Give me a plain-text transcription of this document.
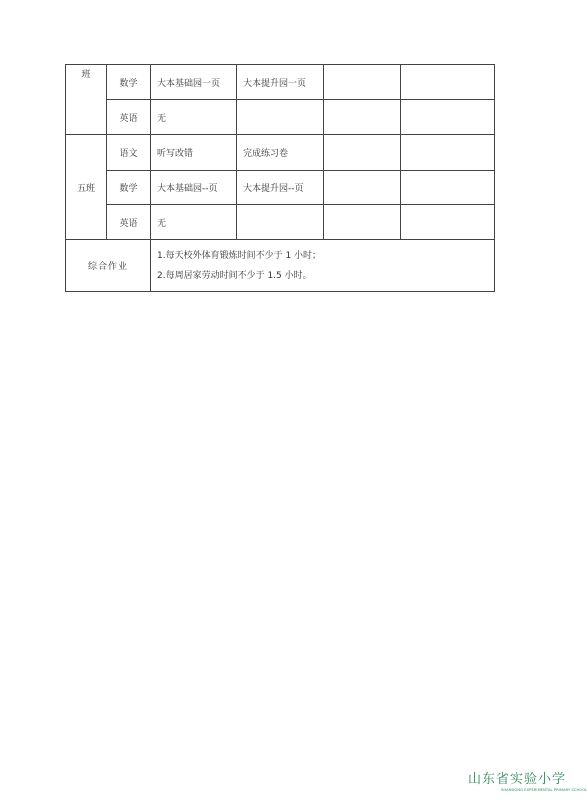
班	数学	大本基础园一页	大本提升园一页		
	英语	无			
五班	语文	听写改错	完成练习卷		
	数学	大本基础园--页	大本提升园--页		
	英语	无			
综合作业		1.每天校外体育锻炼时间不少于 1 小时；
2.每周居家劳动时间不少于 1.5 小时。			
山东省实验小学
SHANDONG EXPERIMENTAL PRIMARY SCHOOL
